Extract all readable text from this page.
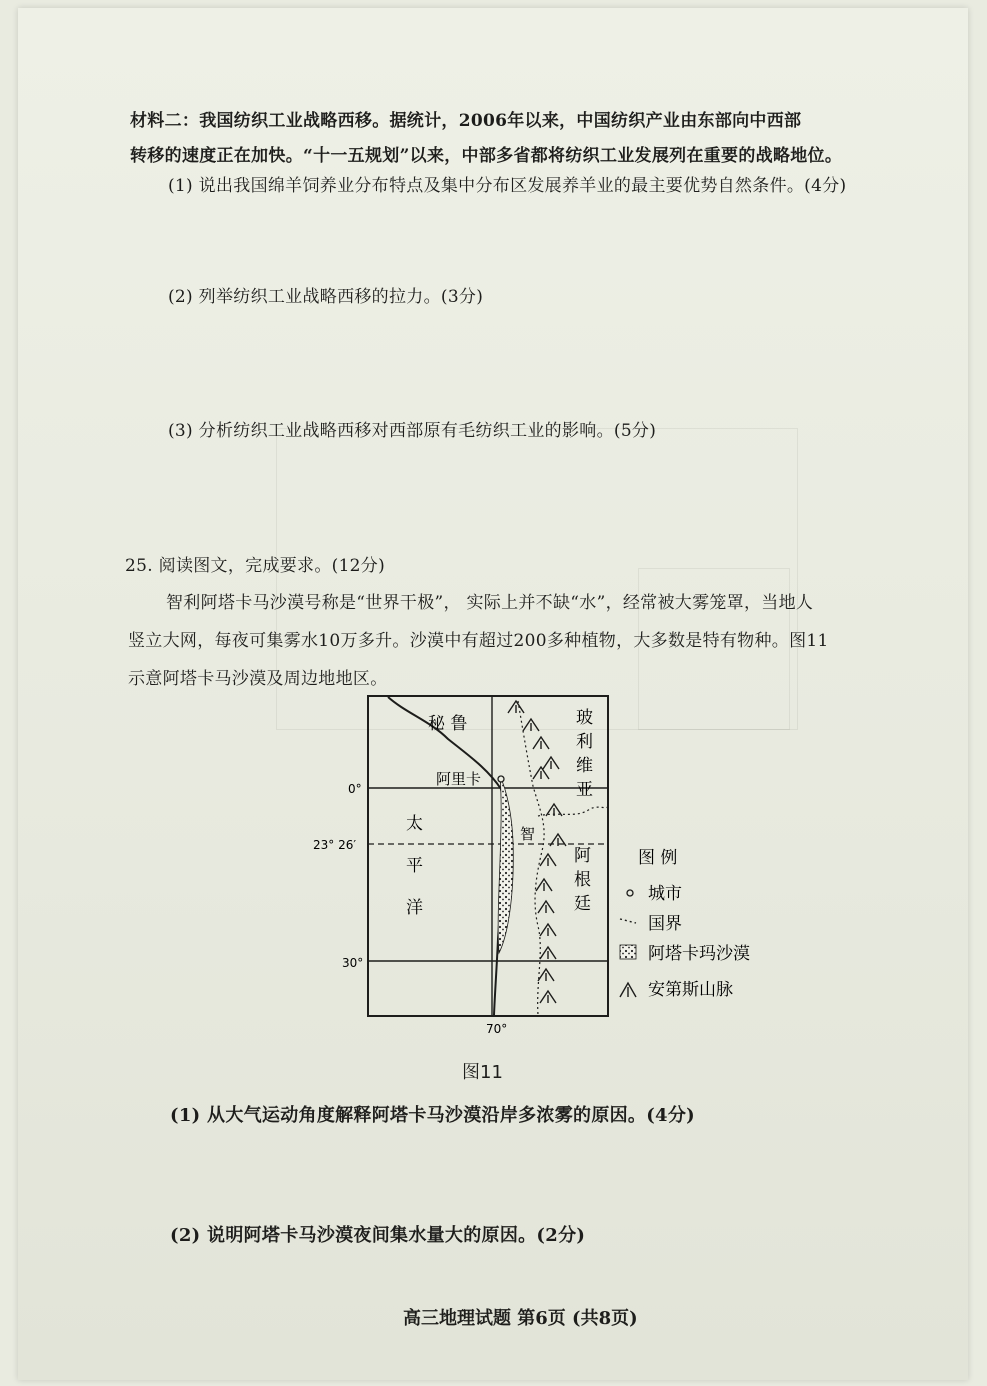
材料二：我国纺织工业战略西移。据统计，2006年以来，中国纺织产业由东部向中西部
转移的速度正在加快。“十一五规划”以来，中部多省都将纺织工业发展列在重要的战略地位。
(1) 说出我国绵羊饲养业分布特点及集中分布区发展养羊业的最主要优势自然条件。(4分)
(2) 列举纺织工业战略西移的拉力。(3分)
(3) 分析纺织工业战略西移对西部原有毛纺织工业的影响。(5分)
25. 阅读图文，完成要求。(12分)
智利阿塔卡马沙漠号称是“世界干极”， 实际上并不缺“水”，经常被大雾笼罩，当地人
竖立大网，每夜可集雾水10万多升。沙漠中有超过200多种植物，大多数是特有物种。图11
示意阿塔卡马沙漠及周边地地区。
秘 鲁	玻
利
维
亚
阿里卡
太
平
洋
智
阿
根
廷
0°
23° 26′
30°
70°
图 例
城市
国界
阿塔卡玛沙漠
安第斯山脉
图11
(1) 从大气运动角度解释阿塔卡马沙漠沿岸多浓雾的原因。(4分)
(2) 说明阿塔卡马沙漠夜间集水量大的原因。(2分)
高三地理试题 第6页 (共8页)
